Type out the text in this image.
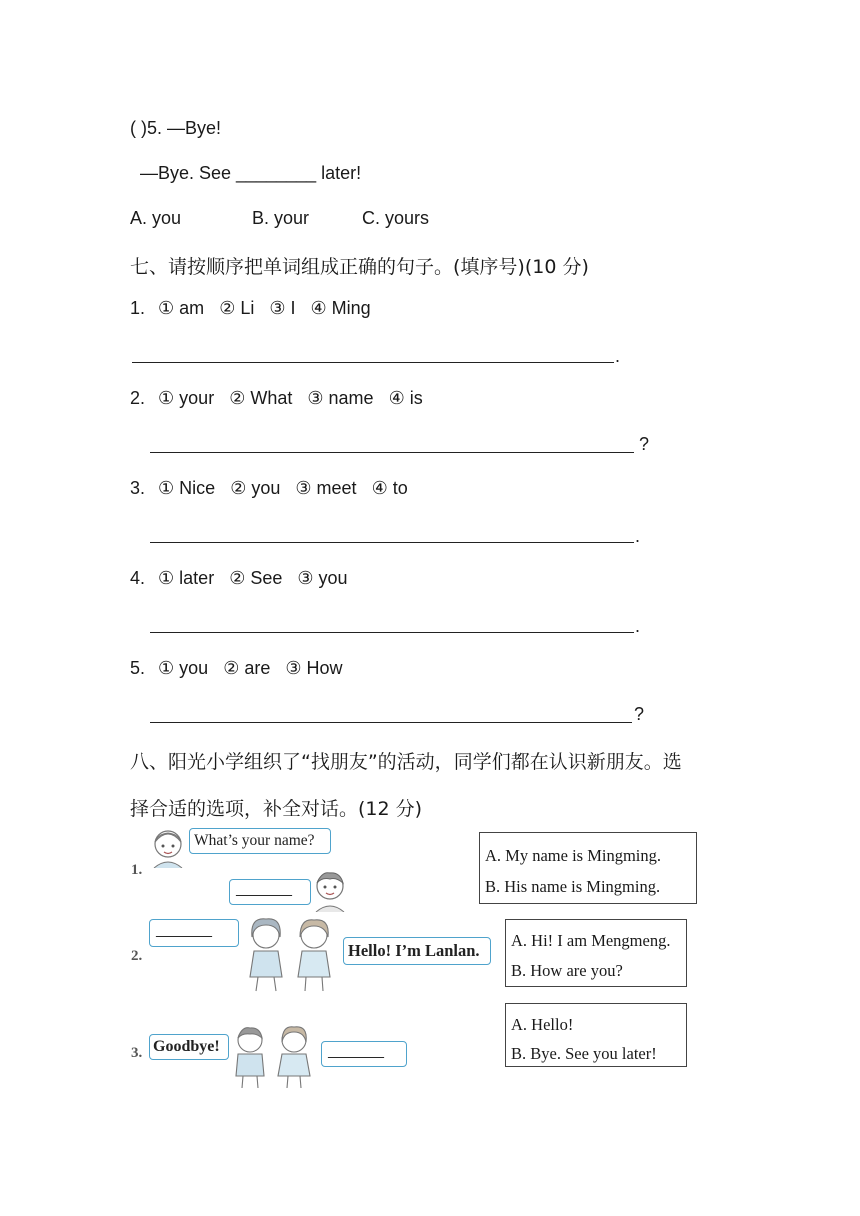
( )5. —Bye!
—Bye. See ________ later!
A. you	B. your	C. yours
七、请按顺序把单词组成正确的句子。(填序号)(10 分)
1. ① am ② Li ③ I ④ Ming
.
2. ① your ② What ③ name ④ is
?
3. ① Nice ② you ③ meet ④ to
.
4. ① later ② See ③ you
.
5. ① you ② are ③ How
?
八、阳光小学组织了“找朋友”的活动，同学们都在认识新朋友。选
择合适的选项，补全对话。(12 分)
1.
What’s your name?
________
A. My name is Mingming.
B. His name is Mingming.
2.
________
Hello! I’m Lanlan.
A. Hi! I am Mengmeng.
B. How are you?
3. Goodbye!	________
A. Hello!
B. Bye. See you later!
